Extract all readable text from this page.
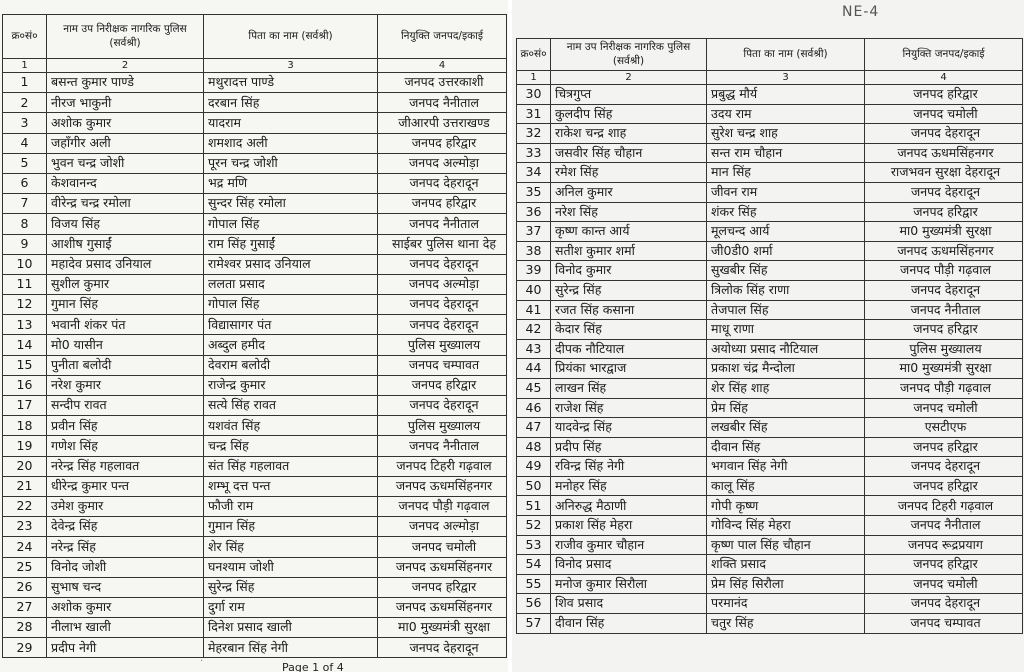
क्र०सं०	नाम उप निरीक्षक नागरिक पुलिस (सर्वश्री)	पिता का नाम (सर्वश्री)	नियुक्ति जनपद/इकाई
1	2	3	4
1	बसन्त कुमार पाण्डे	मथुरादत्त पाण्डे	जनपद उत्तरकाशी
2	नीरज भाकुनी	दरबान सिंह	जनपद नैनीताल
3	अशोक कुमार	यादराम	जीआरपी उत्तराखण्ड
4	जहाँगीर अली	शमशाद अली	जनपद हरिद्वार
5	भुवन चन्द्र जोशी	पूरन चन्द्र जोशी	जनपद अल्मोड़ा
6	केशवानन्द	भद्र मणि	जनपद देहरादून
7	वीरेन्द्र चन्द्र रमोला	सुन्दर सिंह रमोला	जनपद हरिद्वार
8	विजय सिंह	गोपाल सिंह	जनपद नैनीताल
9	आशीष गुसाईं	राम सिंह गुसाईं	साईबर पुलिस थाना देह
10	महादेव प्रसाद उनियाल	रामेश्वर प्रसाद उनियाल	जनपद देहरादून
11	सुशील कुमार	ललता प्रसाद	जनपद अल्मोड़ा
12	गुमान सिंह	गोपाल सिंह	जनपद देहरादून
13	भवानी शंकर पंत	विद्यासागर पंत	जनपद देहरादून
14	मो0 यासीन	अब्दुल हमीद	पुलिस मुख्यालय
15	पुनीता बलोदी	देवराम बलोदी	जनपद चम्पावत
16	नरेश कुमार	राजेन्द्र कुमार	जनपद हरिद्वार
17	सन्दीप रावत	सत्ये सिंह रावत	जनपद देहरादून
18	प्रवीन सिंह	यशवंत सिंह	पुलिस मुख्यालय
19	गणेश सिंह	चन्द्र सिंह	जनपद नैनीताल
20	नरेन्द्र सिंह गहलावत	संत सिंह गहलावत	जनपद टिहरी गढ़वाल
21	धीरेन्द्र कुमार पन्त	शम्भू दत्त पन्त	जनपद ऊधमसिंहनगर
22	उमेश कुमार	फौजी राम	जनपद पौड़ी गढ़वाल
23	देवेन्द्र सिंह	गुमान सिंह	जनपद अल्मोड़ा
24	नरेन्द्र सिंह	शेर सिंह	जनपद चमोली
25	विनोद जोशी	घनश्याम जोशी	जनपद ऊधमसिंहनगर
26	सुभाष चन्द	सुरेन्द्र सिंह	जनपद हरिद्वार
27	अशोक कुमार	दुर्गा राम	जनपद ऊधमसिंहनगर
28	नीलाभ खाली	दिनेश प्रसाद खाली	मा0 मुख्यमंत्री सुरक्षा
29	प्रदीप नेगी	मेहरबान सिंह नेगी	जनपद देहरादून
·	Page 1 of 4
NE-4
क्र०सं०	नाम उप निरीक्षक नागरिक पुलिस (सर्वश्री)	पिता का नाम (सर्वश्री)	नियुक्ति जनपद/इकाई
1	2	3	4
30	चित्रगुप्त	प्रबुद्ध मौर्य	जनपद हरिद्वार
31	कुलदीप सिंह	उदय राम	जनपद चमोली
32	राकेश चन्द्र शाह	सुरेश चन्द्र शाह	जनपद देहरादून
33	जसवीर सिंह चौहान	सन्त राम चौहान	जनपद ऊधमसिंहनगर
34	रमेश सिंह	मान सिंह	राजभवन सुरक्षा देहरादून
35	अनिल कुमार	जीवन राम	जनपद देहरादून
36	नरेश सिंह	शंकर सिंह	जनपद हरिद्वार
37	कृष्ण कान्त आर्य	मूलचन्द आर्य	मा0 मुख्यमंत्री सुरक्षा
38	सतीश कुमार शर्मा	जी0डी0 शर्मा	जनपद ऊधमसिंहनगर
39	विनोद कुमार	सुखबीर सिंह	जनपद पौड़ी गढ़वाल
40	सुरेन्द्र सिंह	त्रिलोक सिंह राणा	जनपद देहरादून
41	रजत सिंह कसाना	तेजपाल सिंह	जनपद नैनीताल
42	केदार सिंह	माधू राणा	जनपद हरिद्वार
43	दीपक नौटियाल	अयोध्या प्रसाद नौटियाल	पुलिस मुख्यालय
44	प्रियंका भारद्वाज	प्रकाश चंद्र मैन्दोला	मा0 मुख्यमंत्री सुरक्षा
45	लाखन सिंह	शेर सिंह शाह	जनपद पौड़ी गढ़वाल
46	राजेश सिंह	प्रेम सिंह	जनपद चमोली
47	यादवेन्द्र सिंह	लखबीर सिंह	एसटीएफ
48	प्रदीप सिंह	दीवान सिंह	जनपद हरिद्वार
49	रविन्द्र सिंह नेगी	भगवान सिंह नेगी	जनपद देहरादून
50	मनोहर सिंह	कालू सिंह	जनपद हरिद्वार
51	अनिरुद्ध मैठाणी	गोपी कृष्ण	जनपद टिहरी गढ़वाल
52	प्रकाश सिंह मेहरा	गोविन्द सिंह मेहरा	जनपद नैनीताल
53	राजीव कुमार चौहान	कृष्ण पाल सिंह चौहान	जनपद रूद्रप्रयाग
54	विनोद प्रसाद	शक्ति प्रसाद	जनपद हरिद्वार
55	मनोज कुमार सिरौला	प्रेम सिंह सिरौला	जनपद चमोली
56	शिव प्रसाद	परमानंद	जनपद देहरादून
57	दीवान सिंह	चतुर सिंह	जनपद चम्पावत
